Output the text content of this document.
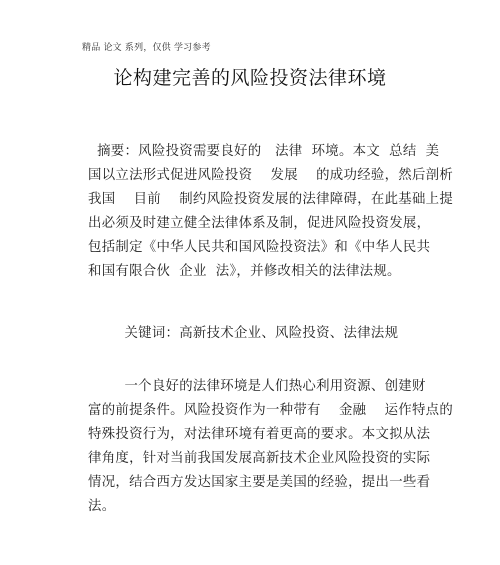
精品 论文 系列，仅供 学习参考
论构建完善的风险投资法律环境
摘要：风险投资需要良好的   法律  环境。本文  总结  美
国以立法形式促进风险投资    发展    的成功经验，然后剖析
我国    目前    制约风险投资发展的法律障碍，在此基础上提
出必须及时建立健全法律体系及制，促进风险投资发展，
包括制定《中华人民共和国风险投资法》和《中华人民共
和国有限合伙  企业  法》，并修改相关的法律法规。
关键词：高新技术企业、风险投资、法律法规
一个良好的法律环境是人们热心利用资源、创建财
富的前提条件。风险投资作为一种带有    金融    运作特点的
特殊投资行为，对法律环境有着更高的要求。本文拟从法
律角度，针对当前我国发展高新技术企业风险投资的实际
情况，结合西方发达国家主要是美国的经验，提出一些看
法。
